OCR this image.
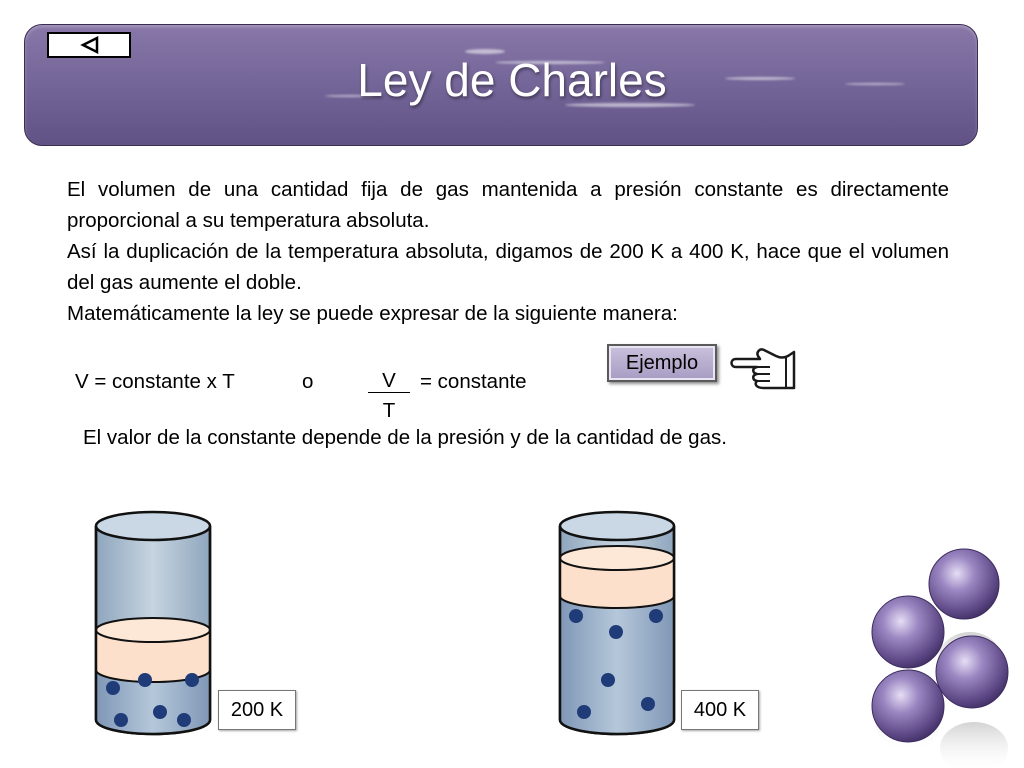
Ley de Charles

El volumen de una cantidad fija de gas mantenida a presión constante es directamente proporcional a su temperatura absoluta.

Así la duplicación de la temperatura absoluta, digamos de 200 K a 400 K, hace que el volumen del gas aumente el doble.

Matemáticamente la ley se puede expresar de la siguiente manera:

V = constante x T	o	V
T
= constante
Ejemplo
El valor de la constante depende de la presión y de la cantidad de gas.
200 K	400 K
